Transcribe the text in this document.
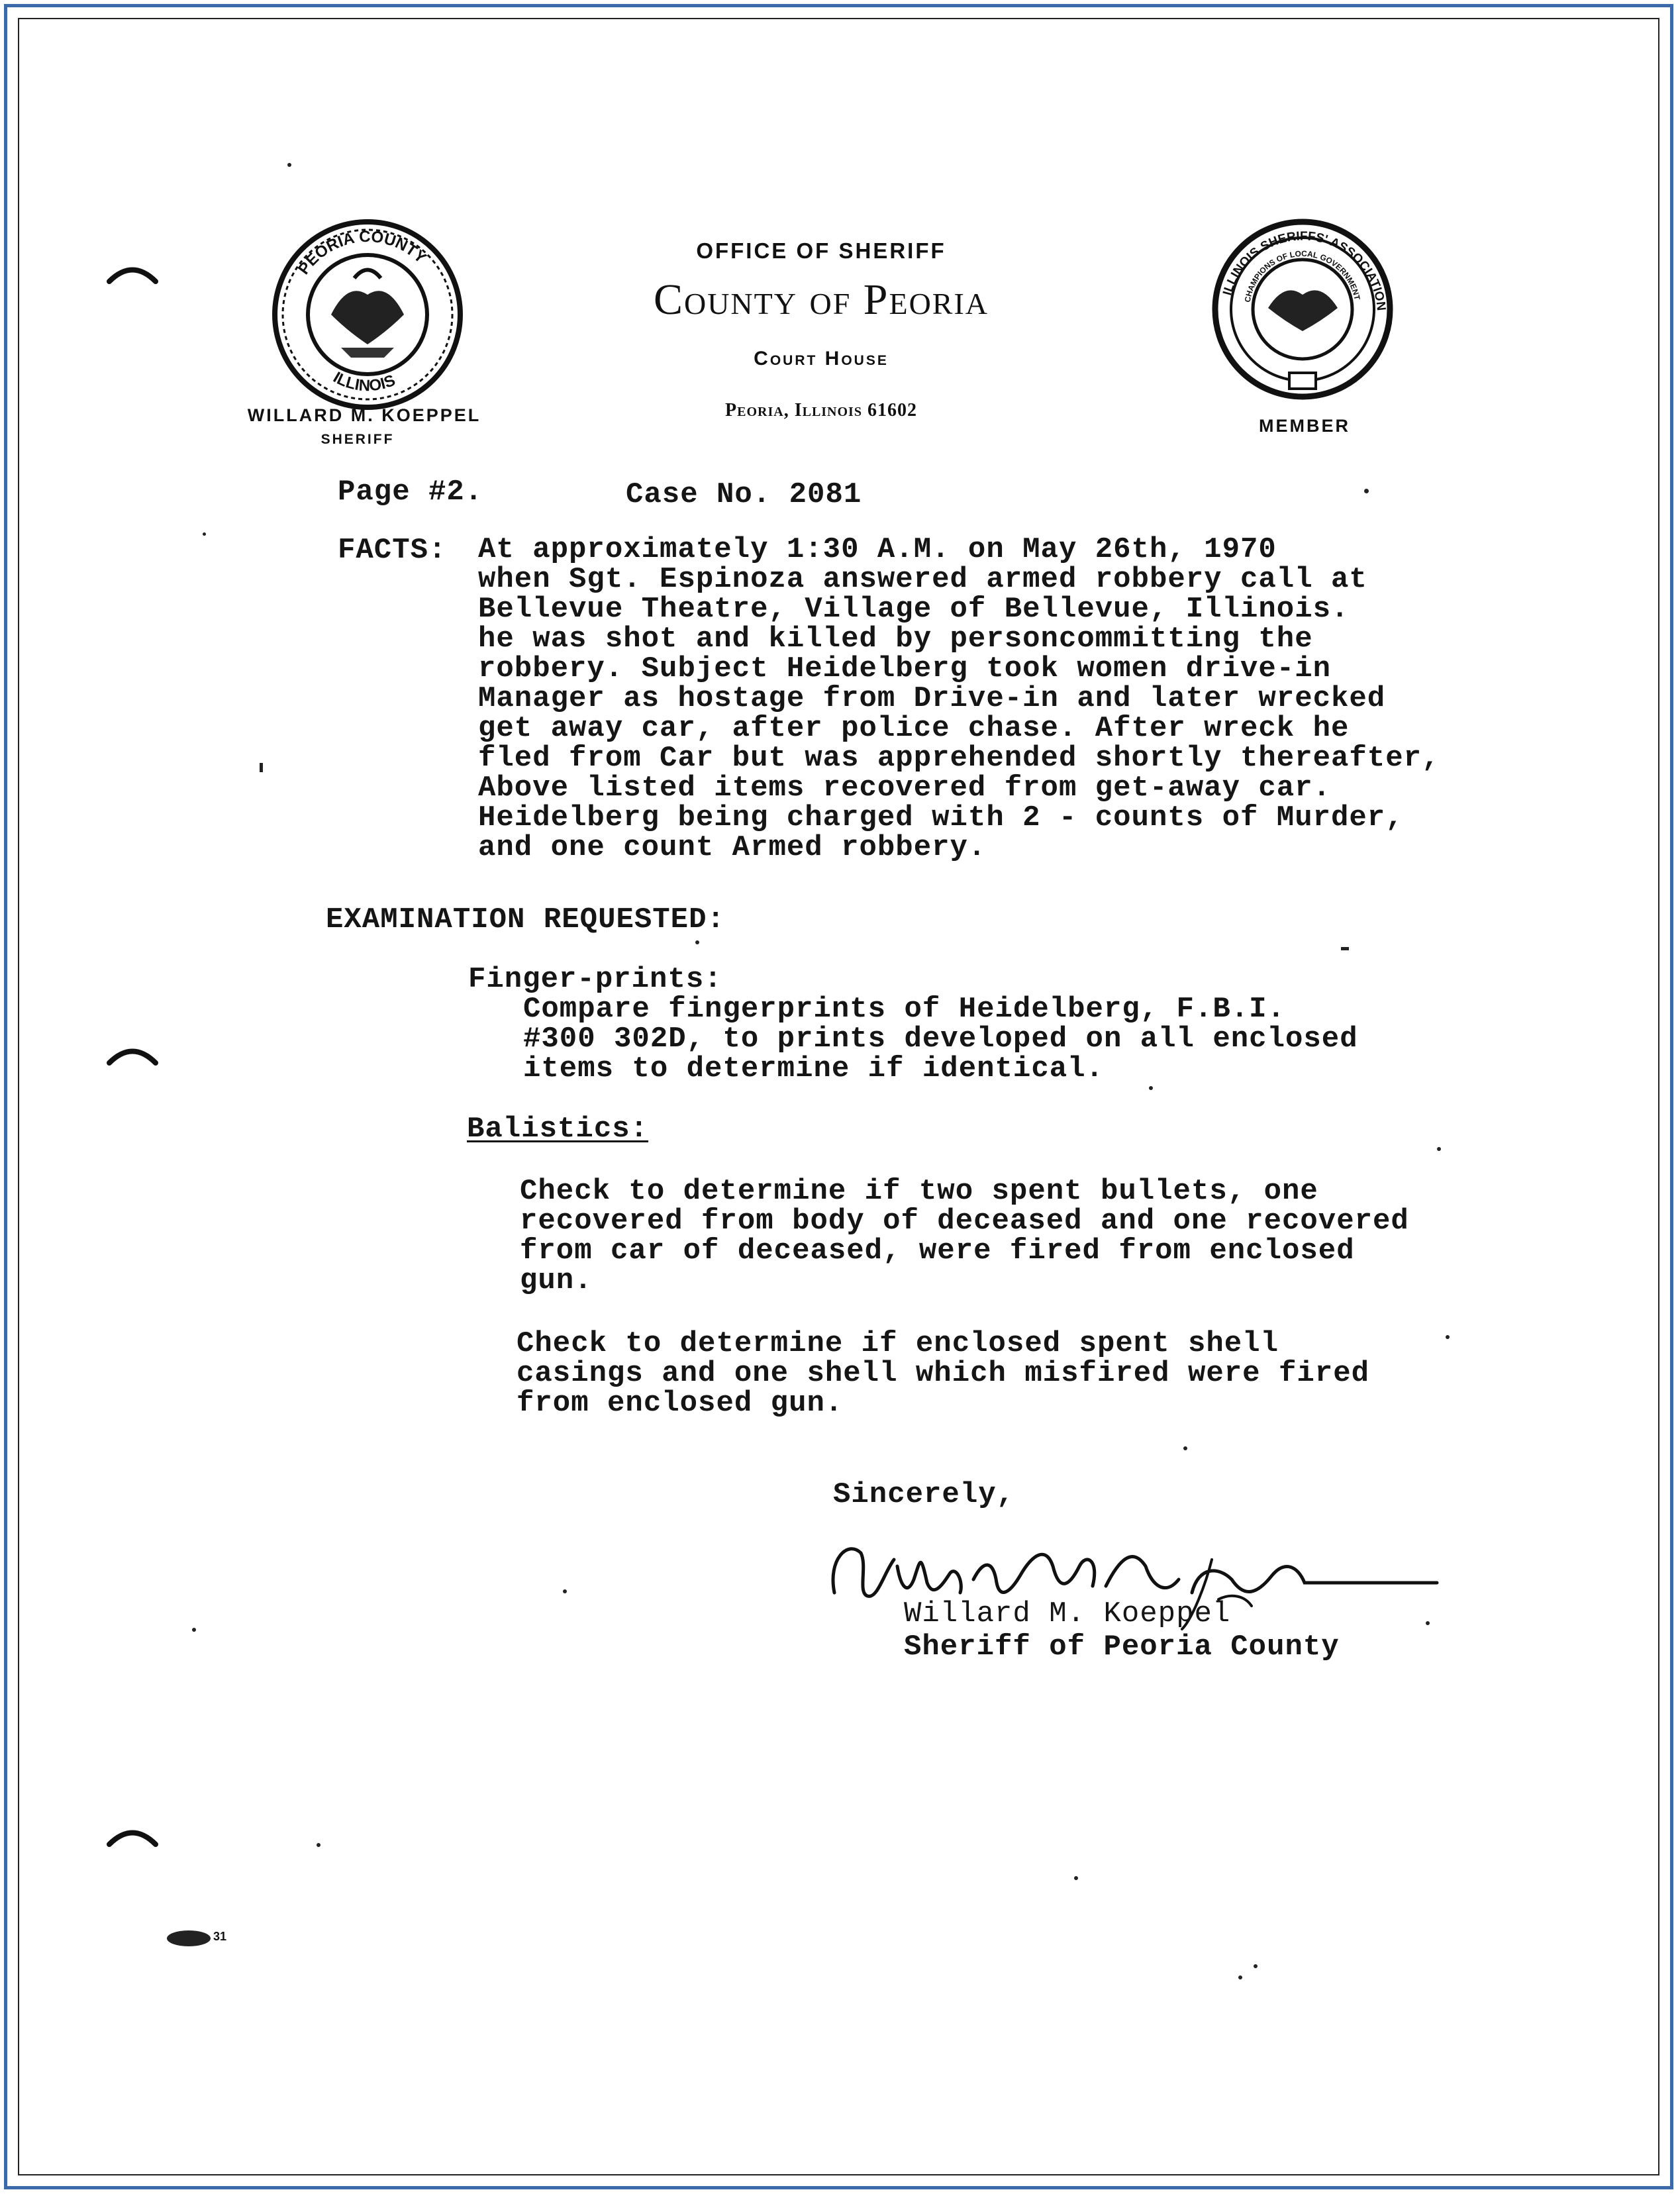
PEORIA COUNTY
ILLINOIS
WILLARD M. KOEPPEL
SHERIFF
OFFICE OF SHERIFF
County of Peoria
Court House
Peoria, Illinois 61602
ILLINOIS SHERIFFS' ASSOCIATION
CHAMPIONS OF LOCAL GOVERNMENT
MEMBER
Page #2.	Case No. 2081
FACTS: At approximately 1:30 A.M. on May 26th, 1970
when Sgt. Espinoza answered armed robbery call at
Bellevue Theatre, Village of Bellevue, Illinois.
he was shot and killed by personcommitting the
robbery. Subject Heidelberg took women drive-in
Manager as hostage from Drive-in and later wrecked
get away car, after police chase. After wreck he
fled from Car but was apprehended shortly thereafter,
Above listed items recovered from get-away car.
Heidelberg being charged with 2 - counts of Murder,
and one count Armed robbery.
EXAMINATION REQUESTED:
Finger-prints:
Compare fingerprints of Heidelberg, F.B.I.
#300 302D, to prints developed on all enclosed
items to determine if identical.
Balistics:
Check to determine if two spent bullets, one
recovered from body of deceased and one recovered
from car of deceased, were fired from enclosed
gun.
Check to determine if enclosed spent shell
casings and one shell which misfired were fired
from enclosed gun.
Sincerely,
Willard M. Koeppel
Sheriff of Peoria County
31
